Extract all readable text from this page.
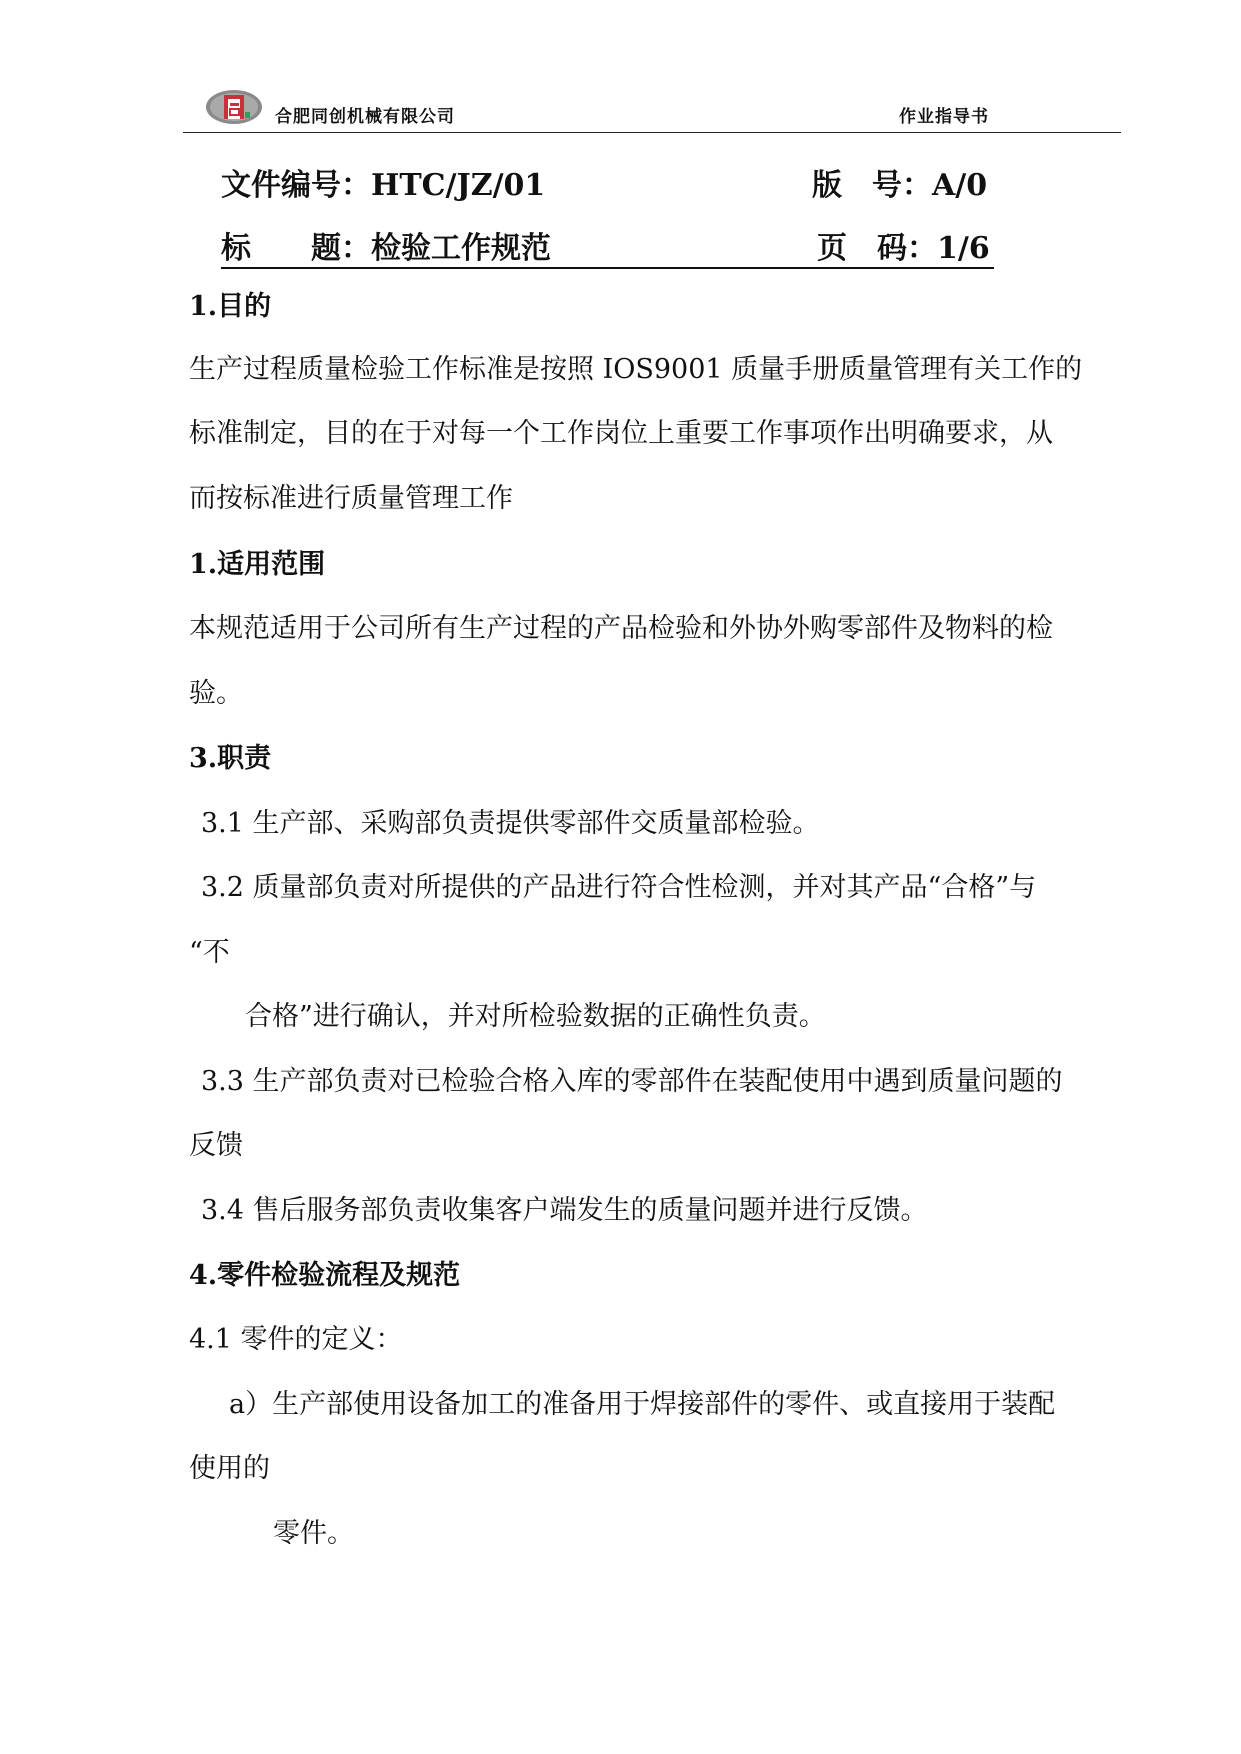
合肥同创机械有限公司	作业指导书
文件编号：HTC/JZ/01	版　号：A/0
标　　题：检验工作规范	页　码：1/6
1.目的
生产过程质量检验工作标准是按照 IOS9001 质量手册质量管理有关工作的
标准制定，目的在于对每一个工作岗位上重要工作事项作出明确要求，从
而按标准进行质量管理工作
1.适用范围
本规范适用于公司所有生产过程的产品检验和外协外购零部件及物料的检
验。
3.职责
3.1 生产部、采购部负责提供零部件交质量部检验。
3.2 质量部负责对所提供的产品进行符合性检测，并对其产品“合格”与
“不
合格”进行确认，并对所检验数据的正确性负责。
3.3 生产部负责对已检验合格入库的零部件在装配使用中遇到质量问题的
反馈
3.4 售后服务部负责收集客户端发生的质量问题并进行反馈。
4.零件检验流程及规范
4.1 零件的定义：
a）生产部使用设备加工的准备用于焊接部件的零件、或直接用于装配
使用的
零件。
